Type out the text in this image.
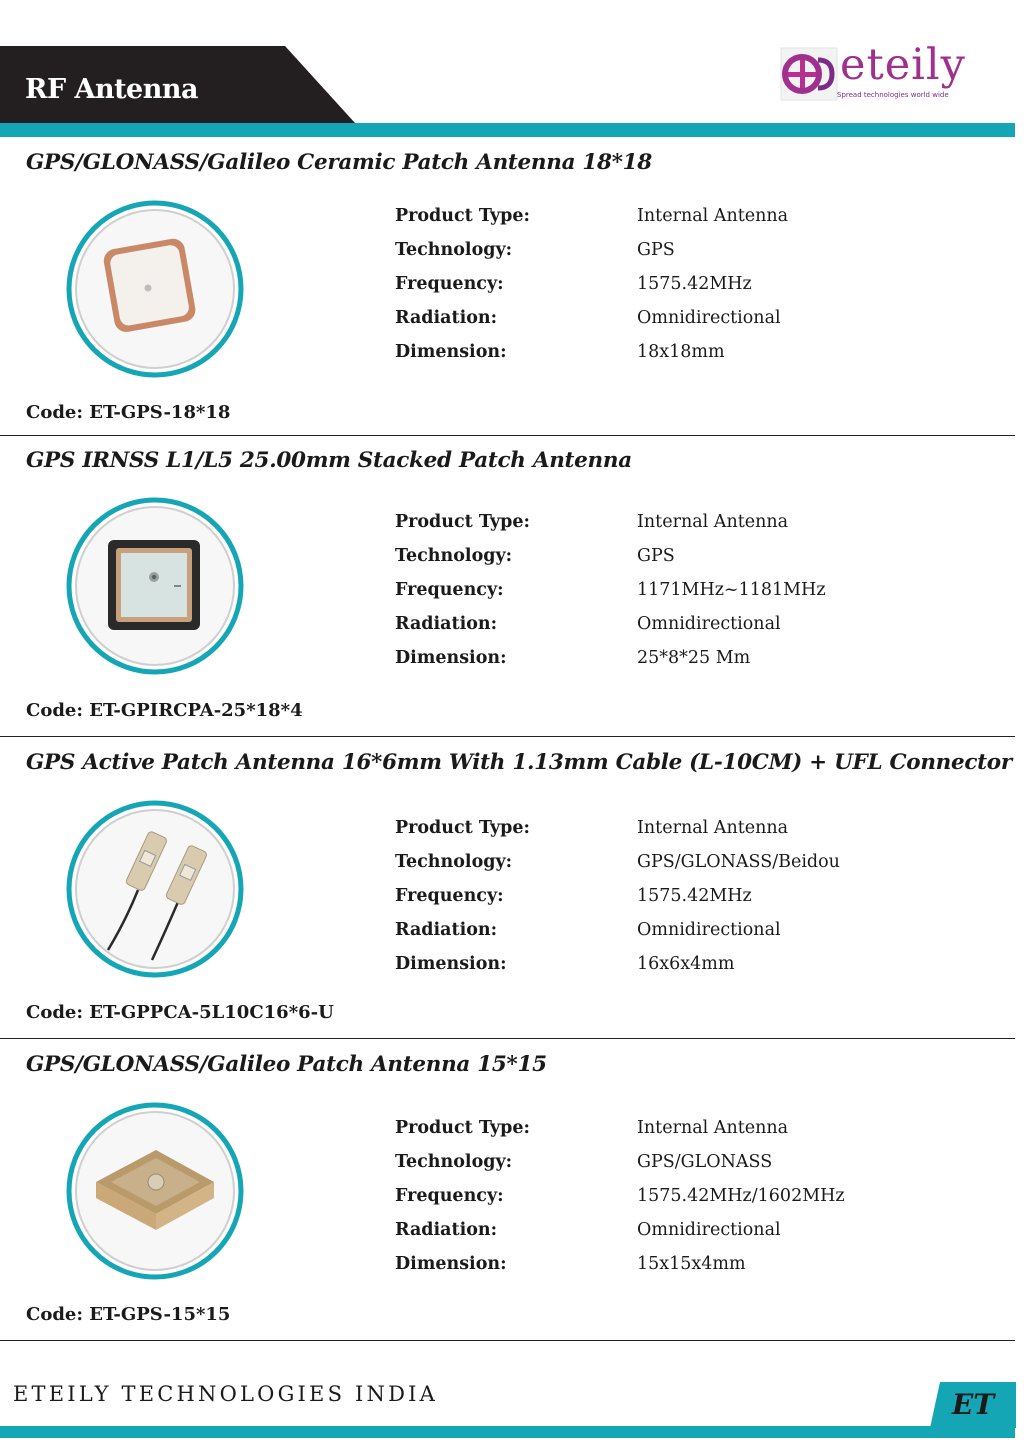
RF Antenna	eteily
Spread technologies world wide
GPS/GLONASS/Galileo Ceramic Patch Antenna 18*18
Product Type:	Internal Antenna
Technology:	GPS
Frequency:	1575.42MHz
Radiation:	Omnidirectional
Dimension:	18x18mm
Code: ET-GPS-18*18
GPS IRNSS L1/L5 25.00mm Stacked Patch Antenna
Product Type:	Internal Antenna
Technology:	GPS
Frequency:	1171MHz~1181MHz
Radiation:	Omnidirectional
Dimension:	25*8*25 Mm
Code: ET-GPIRCPA-25*18*4
GPS Active Patch Antenna 16*6mm With 1.13mm Cable (L-10CM) + UFL Connector
Product Type:	Internal Antenna
Technology:	GPS/GLONASS/Beidou
Frequency:	1575.42MHz
Radiation:	Omnidirectional
Dimension:	16x6x4mm
Code: ET-GPPCA-5L10C16*6-U
GPS/GLONASS/Galileo Patch Antenna 15*15
Product Type:	Internal Antenna
Technology:	GPS/GLONASS
Frequency:	1575.42MHz/1602MHz
Radiation:	Omnidirectional
Dimension:	15x15x4mm
Code: ET-GPS-15*15
ETEILY TECHNOLOGIES INDIA	ET
